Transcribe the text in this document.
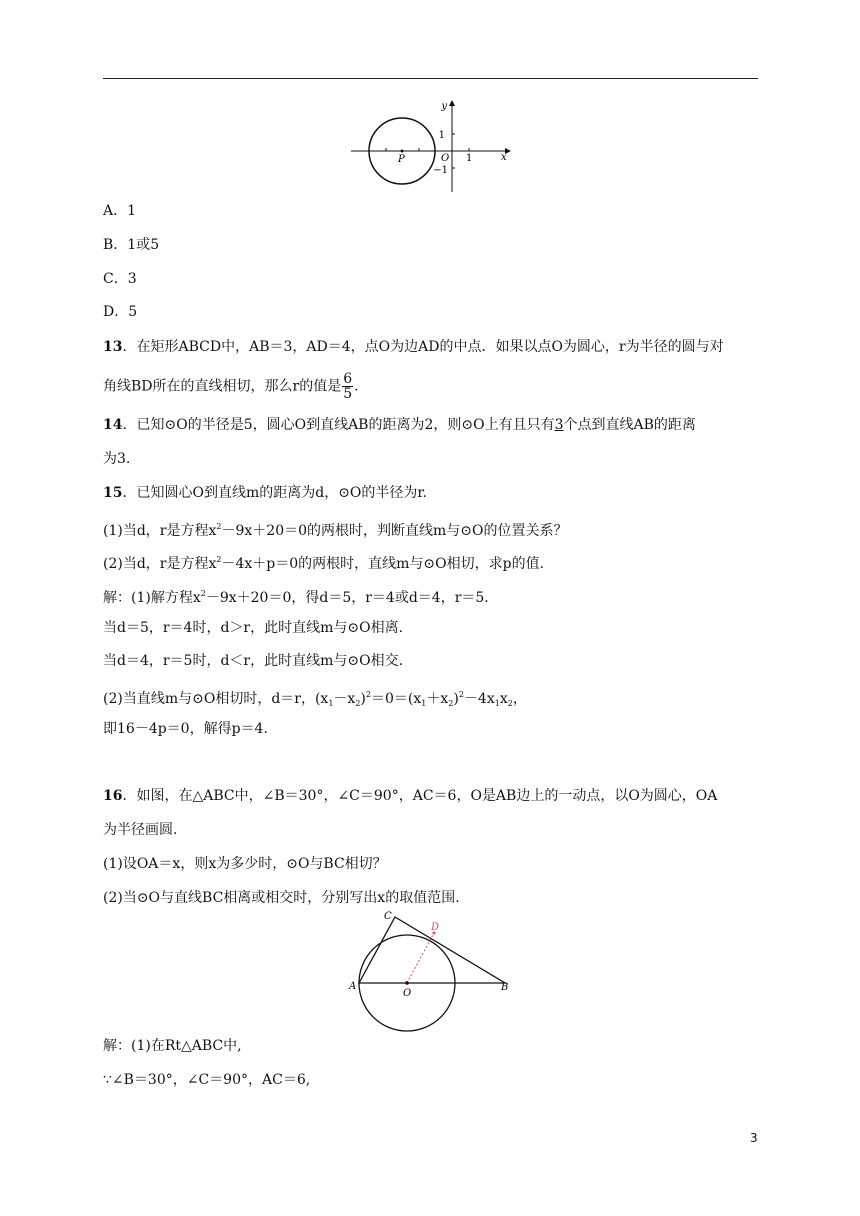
y
x
1
−1
O 1
P
A．1
B．1或5
C．3
D．5
13．在矩形ABCD中，AB＝3，AD＝4，点O为边AD的中点．如果以点O为圆心，r为半径的圆与对
角线BD所在的直线相切，那么r的值是 $\frac{6}{5}$ .
14．已知⊙O的半径是5，圆心O到直线AB的距离为2，则⊙O上有且只有3个点到直线AB的距离
为3.
15．已知圆心O到直线m的距离为d，⊙O的半径为r.
(1)当d，r是方程$x^2-9x+20=0$的两根时，判断直线m与⊙O的位置关系？
(2)当d，r是方程$x^2-4x+p=0$的两根时，直线m与⊙O相切，求p的值.
解：(1)解方程$x^2-9x+20=0$，得d＝5，r＝4或d＝4，r＝5.
当d＝5，r＝4时，d＞r，此时直线m与⊙O相离.
当d＝4，r＝5时，d＜r，此时直线m与⊙O相交.
(2)当直线m与⊙O相切时，d＝r，$(x_1-x_2)^2=0=(x_1+x_2)^2-4x_1x_2$，
即16－4p＝0，解得p＝4.
16．如图，在△ABC中，∠B＝30°，∠C＝90°，AC＝6，O是AB边上的一动点，以O为圆心，OA
为半径画圆.
(1)设OA＝x，则x为多少时，⊙O与BC相切？
(2)当⊙O与直线BC相离或相交时，分别写出x的取值范围.
C
D
A
O
B
解：(1)在Rt△ABC中,
∵∠B＝30°，∠C＝90°，AC＝6,
3
